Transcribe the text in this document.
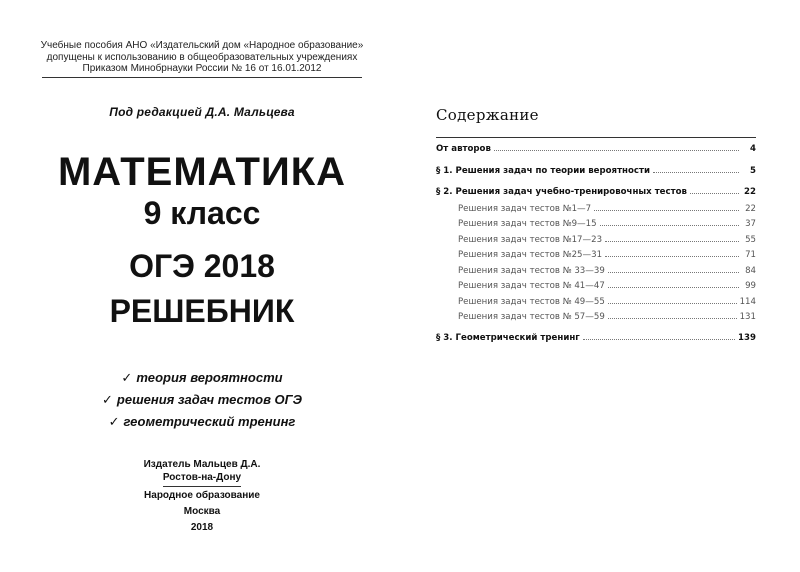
Учебные пособия АНО «Издательский дом «Народное образование»
допущены к использованию в общеобразовательных учреждениях
Приказом Минобрнауки России № 16 от 16.01.2012
Под редакцией Д.А. Мальцева
МАТЕМАТИКА
9 класс
ОГЭ 2018
РЕШЕБНИК
✓ теория вероятности
✓ решения задач тестов ОГЭ
✓ геометрический тренинг
Издатель Мальцев Д.А.
Ростов-на-Дону
Народное образование
Москва
2018
Содержание
От авторов	4
§ 1. Решения задач по теории вероятности	5
§ 2. Решения задач учебно-тренировочных тестов	22
Решения задач тестов №1—7	22
Решения задач тестов №9—15	37
Решения задач тестов №17—23	55
Решения задач тестов №25—31	71
Решения задач тестов № 33—39	84
Решения задач тестов № 41—47	99
Решения задач тестов № 49—55	114
Решения задач тестов № 57—59	131
§ 3. Геометрический тренинг	139
